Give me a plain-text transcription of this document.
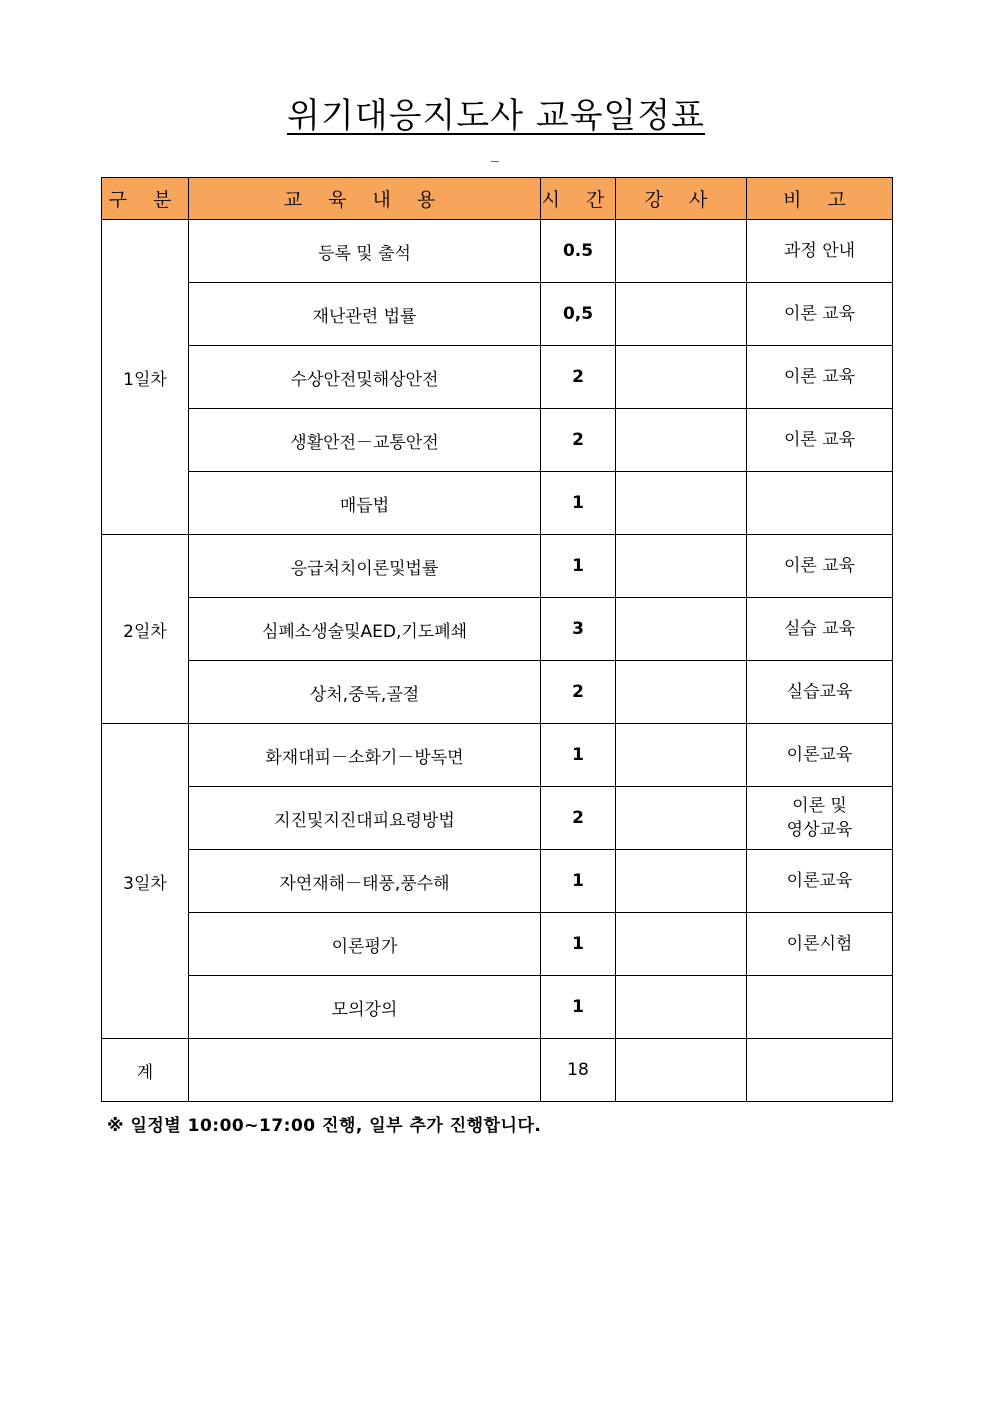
위기대응지도사 교육일정표
구 분	교 육 내 용	시 간	강 사	비 고
1일차	등록 및 출석	0.5		과정 안내
	재난관련 법률	0,5		이론 교육
	수상안전및해상안전	2		이론 교육
	생활안전－교통안전	2		이론 교육
	매듭법	1		
2일차	응급처치이론및법률	1		이론 교육
	심폐소생술및AED,기도폐쇄	3		실습 교육
	상처,중독,골절	2		실습교육
3일차	화재대피－소화기－방독면	1		이론교육
	지진및지진대피요령방법	2		이론 및
영상교육

	자연재해－태풍,풍수해	1		이론교육
	이론평가	1		이론시험
	모의강의	1		
계		18		
※ 일정별 10:00~17:00 진행, 일부 추가 진행합니다.
